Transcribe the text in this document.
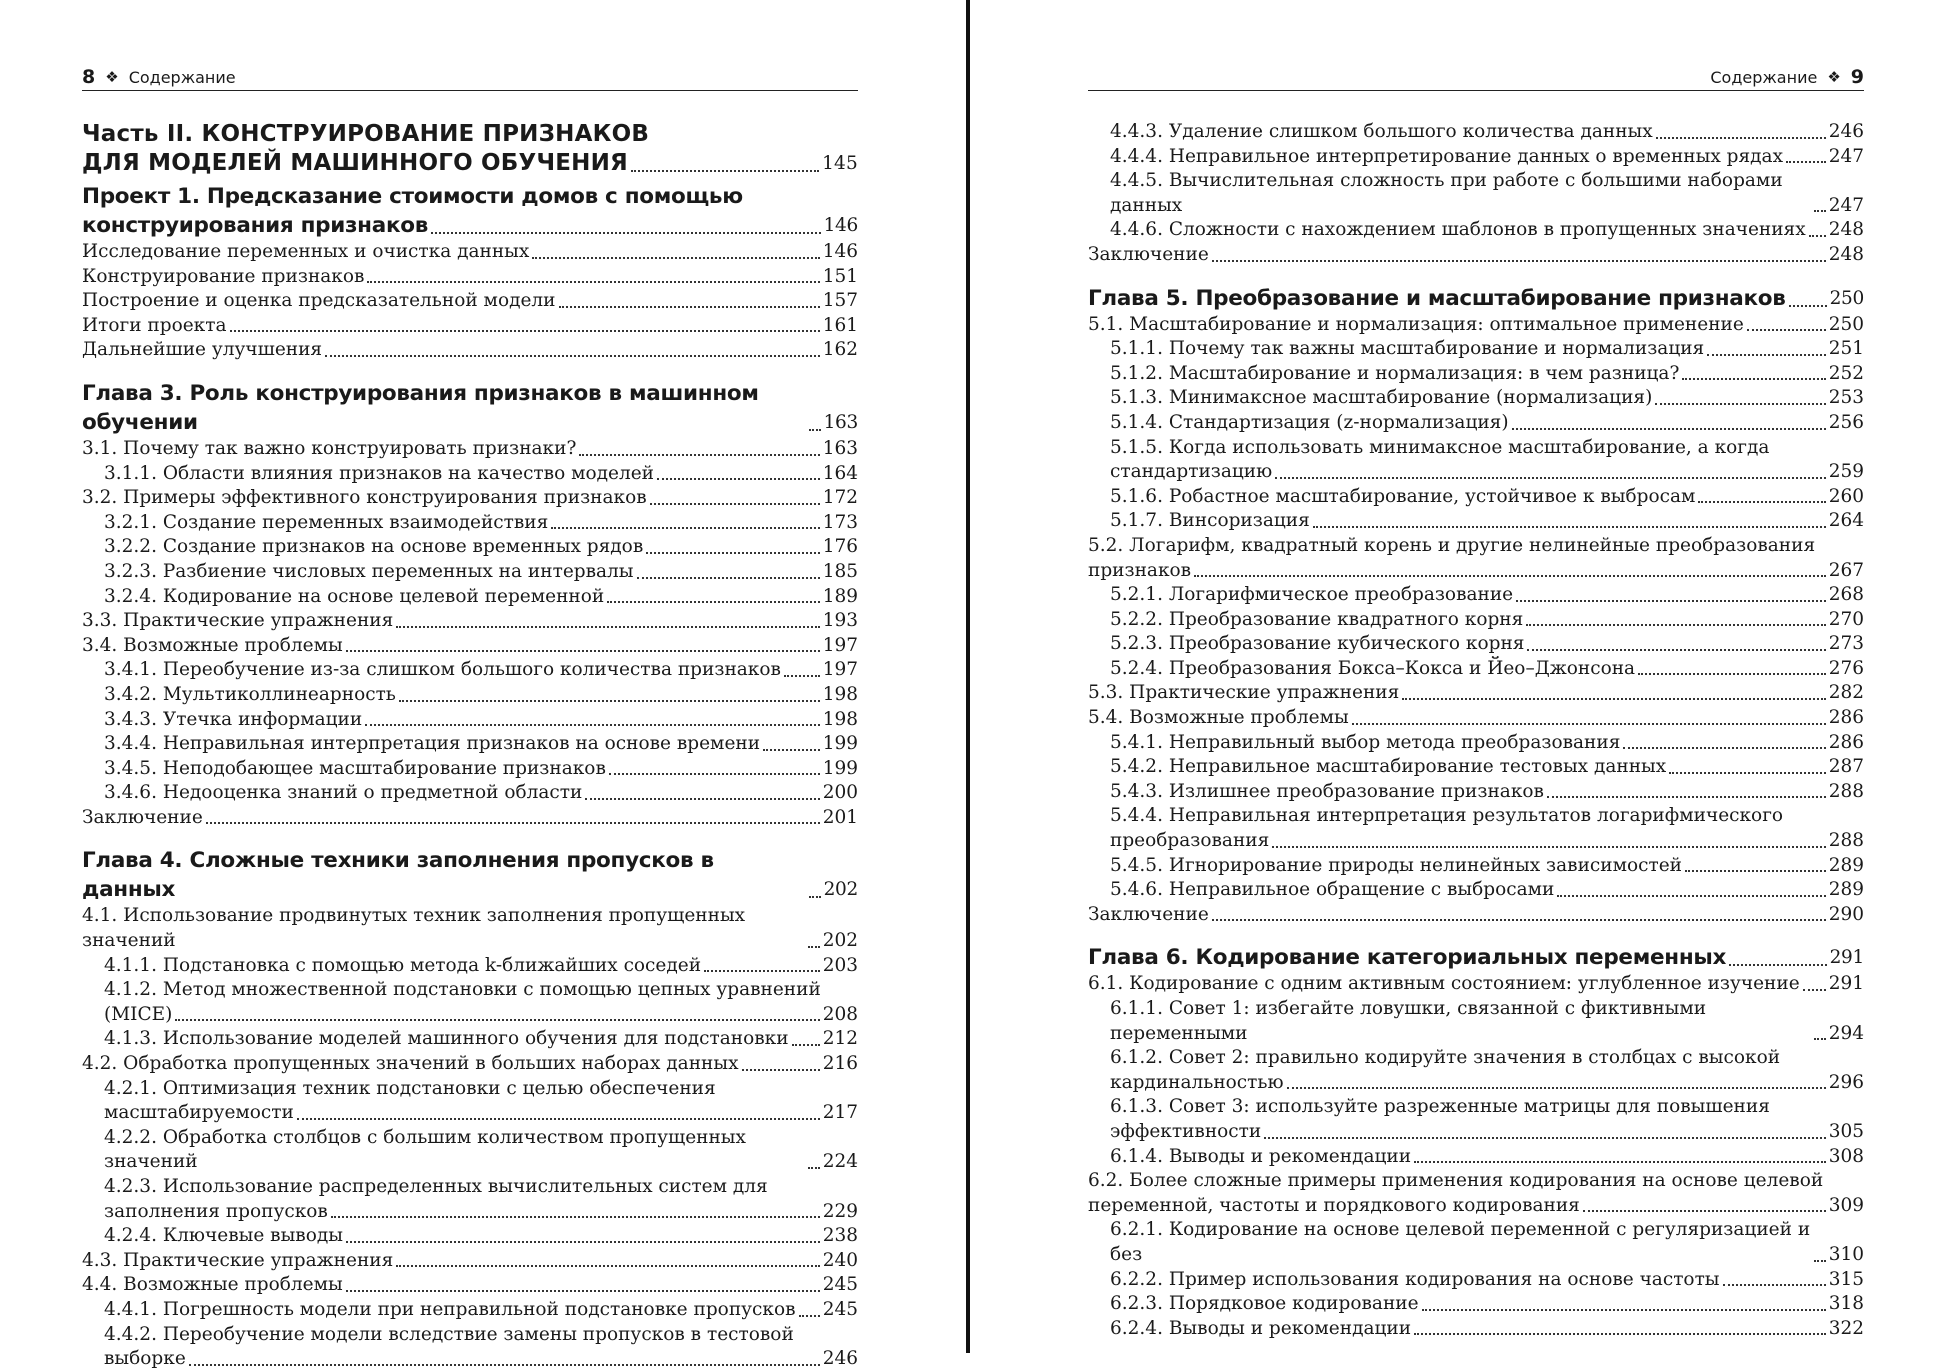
8 ❖ Содержание
Часть II. КОНСТРУИРОВАНИЕ ПРИЗНАКОВ
ДЛЯ МОДЕЛЕЙ МАШИННОГО ОБУЧЕНИЯ	145
Проект 1. Предсказание стоимости домов с помощью
конструирования признаков	146
Исследование переменных и очистка данных	146
Конструирование признаков	151
Построение и оценка предсказательной модели	157
Итоги проекта	161
Дальнейшие улучшения	162
Глава 3. Роль конструирования признаков в машинном обучении	163
3.1. Почему так важно конструировать признаки?	163
3.1.1. Области влияния признаков на качество моделей	164
3.2. Примеры эффективного конструирования признаков	172
3.2.1. Создание переменных взаимодействия	173
3.2.2. Создание признаков на основе временных рядов	176
3.2.3. Разбиение числовых переменных на интервалы	185
3.2.4. Кодирование на основе целевой переменной	189
3.3. Практические упражнения	193
3.4. Возможные проблемы	197
3.4.1. Переобучение из-за слишком большого количества признаков 197
3.4.2. Мультиколлинеарность	198
3.4.3. Утечка информации	198
3.4.4. Неправильная интерпретация признаков на основе времени	199
3.4.5. Неподобающее масштабирование признаков	199
3.4.6. Недооценка знаний о предметной области	200
Заключение	201
Глава 4. Сложные техники заполнения пропусков в данных	202
4.1. Использование продвинутых техник заполнения пропущенных значений	202
4.1.1. Подстановка с помощью метода k-ближайших соседей	203
4.1.2. Метод множественной подстановки с помощью цепных уравнений
(MICE)	208
4.1.3. Использование моделей машинного обучения для подстановки 212
4.2. Обработка пропущенных значений в больших наборах данных	216
4.2.1. Оптимизация техник подстановки с целью обеспечения
масштабируемости	217
4.2.2. Обработка столбцов с большим количеством пропущенных значений	224
4.2.3. Использование распределенных вычислительных систем для
заполнения пропусков	229
4.2.4. Ключевые выводы	238
4.3. Практические упражнения	240
4.4. Возможные проблемы	245
4.4.1. Погрешность модели при неправильной подстановке пропусков 245
4.4.2. Переобучение модели вследствие замены пропусков в тестовой
выборке	246
Содержание ❖ 9
4.4.3. Удаление слишком большого количества данных	246
4.4.4. Неправильное интерпретирование данных о временных рядах 247
4.4.5. Вычислительная сложность при работе с большими наборами данных	247
4.4.6. Сложности с нахождением шаблонов в пропущенных значениях 248
Заключение	248
Глава 5. Преобразование и масштабирование признаков 250
5.1. Масштабирование и нормализация: оптимальное применение	250
5.1.1. Почему так важны масштабирование и нормализация	251
5.1.2. Масштабирование и нормализация: в чем разница?	252
5.1.3. Минимаксное масштабирование (нормализация)	253
5.1.4. Стандартизация (z-нормализация)	256
5.1.5. Когда использовать минимаксное масштабирование, а когда
стандартизацию	259
5.1.6. Робастное масштабирование, устойчивое к выбросам	260
5.1.7. Винсоризация	264
5.2. Логарифм, квадратный корень и другие нелинейные преобразования
признаков	267
5.2.1. Логарифмическое преобразование	268
5.2.2. Преобразование квадратного корня	270
5.2.3. Преобразование кубического корня	273
5.2.4. Преобразования Бокса–Кокса и Йео–Джонсона	276
5.3. Практические упражнения	282
5.4. Возможные проблемы	286
5.4.1. Неправильный выбор метода преобразования	286
5.4.2. Неправильное масштабирование тестовых данных	287
5.4.3. Излишнее преобразование признаков	288
5.4.4. Неправильная интерпретация результатов логарифмического
преобразования	288
5.4.5. Игнорирование природы нелинейных зависимостей	289
5.4.6. Неправильное обращение с выбросами	289
Заключение	290
Глава 6. Кодирование категориальных переменных	291
6.1. Кодирование с одним активным состоянием: углубленное изучение 291
6.1.1. Совет 1: избегайте ловушки, связанной с фиктивными переменными	294
6.1.2. Совет 2: правильно кодируйте значения в столбцах с высокой
кардинальностью	296
6.1.3. Совет 3: используйте разреженные матрицы для повышения
эффективности	305
6.1.4. Выводы и рекомендации	308
6.2. Более сложные примеры применения кодирования на основе целевой
переменной, частоты и порядкового кодирования	309
6.2.1. Кодирование на основе целевой переменной с регуляризацией и без	310
6.2.2. Пример использования кодирования на основе частоты	315
6.2.3. Порядковое кодирование	318
6.2.4. Выводы и рекомендации	322
